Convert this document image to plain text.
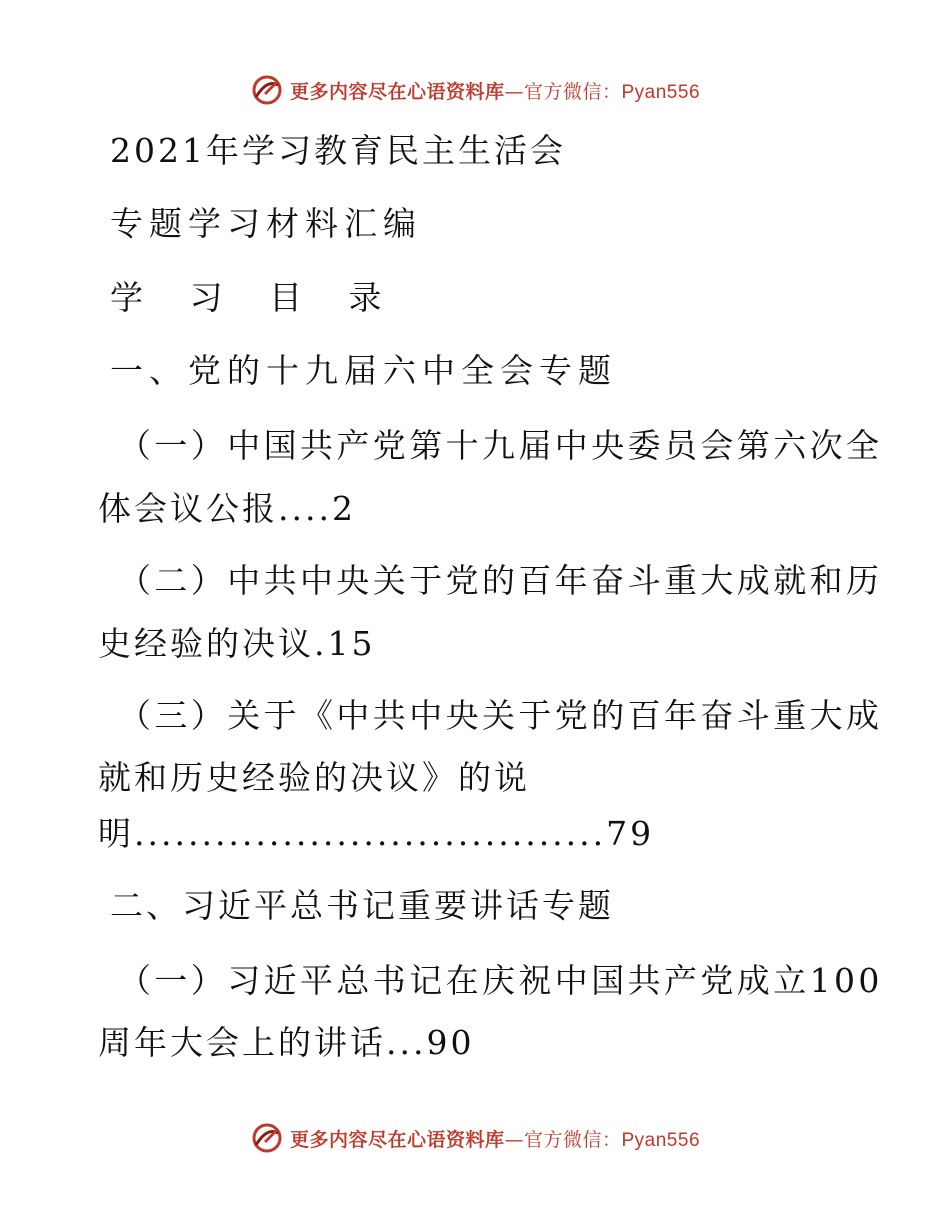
更多内容尽在心语资料库—官方微信：Pyan556
2021年学习教育民主生活会
专题学习材料汇编
学 习 目 录
一、党的十九届六中全会专题
（一）中国共产党第十九届中央委员会第六次全
体会议公报....2
（二）中共中央关于党的百年奋斗重大成就和历
史经验的决议.15
（三）关于《中共中央关于党的百年奋斗重大成
就和历史经验的决议》的说
明...................................79
二、习近平总书记重要讲话专题
（一）习近平总书记在庆祝中国共产党成立100
周年大会上的讲话...90
更多内容尽在心语资料库—官方微信：Pyan556
